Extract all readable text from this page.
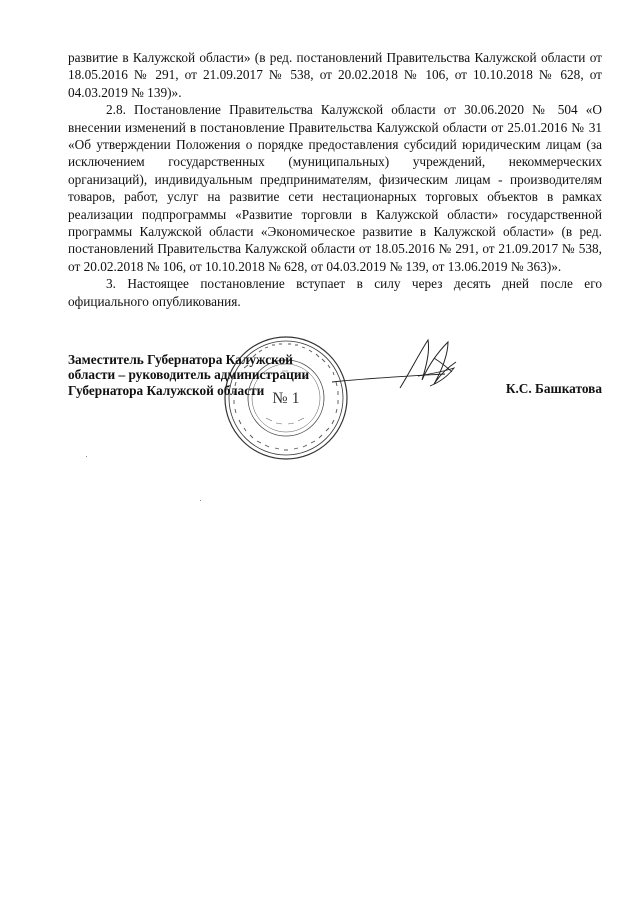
развитие в Калужской области» (в ред. постановлений Правительства Калужской области от 18.05.2016 № 291, от 21.09.2017 № 538, от 20.02.2018 № 106, от 10.10.2018 № 628, от 04.03.2019 № 139)».

2.8. Постановление Правительства Калужской области от 30.06.2020 № 504 «О внесении изменений в постановление Правительства Калужской области от 25.01.2016 № 31 «Об утверждении Положения о порядке предоставления субсидий юридическим лицам (за исключением государственных (муниципальных) учреждений, некоммерческих организаций), индивидуальным предпринимателям, физическим лицам - производителям товаров, работ, услуг на развитие сети нестационарных торговых объектов в рамках реализации подпрограммы «Развитие торговли в Калужской области» государственной программы Калужской области «Экономическое развитие в Калужской области» (в ред. постановлений Правительства Калужской области от 18.05.2016 № 291, от 21.09.2017 № 538, от 20.02.2018 № 106, от 10.10.2018 № 628, от 04.03.2019 № 139, от 13.06.2019 № 363)».

3. Настоящее постановление вступает в силу через десять дней после его официального опубликования.

№ 1
Заместитель Губернатора Калужской
области – руководитель администрации
Губернатора Калужской области	К.С. Башкатова
